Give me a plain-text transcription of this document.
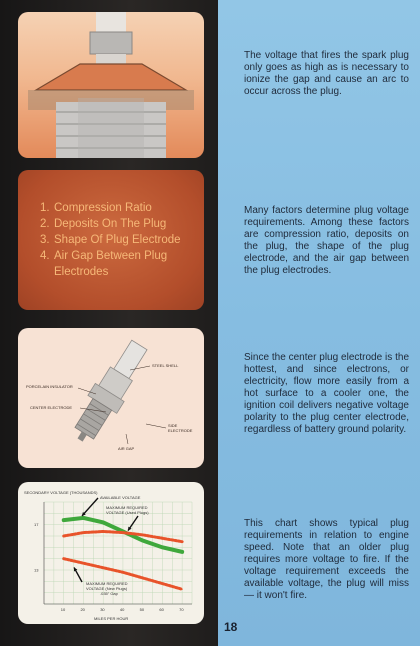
1. Compression Ratio
2. Deposits On The Plug
3. Shape Of Plug Electrode
4. Air Gap Between Plug
Electrodes
STEEL SHELL
PORCELAIN INSULATOR
CENTER ELECTRODE
SIDE
ELECTRODE
AIR GAP
10	20	30	40	50	60	70
17
13
SECONDARY VOLTAGE (THOUSANDS)
AVAILABLE VOLTAGE
MAXIMUM REQUIRED
VOLTAGE (Used Plugs)
MAXIMUM REQUIRED
VOLTAGE (New Plugs)
.035" Gap
MILES PER HOUR

The voltage that fires the spark plug only goes as high as is necessary to ionize the gap and cause an arc to occur across the plug.

Many factors determine plug voltage requirements. Among these factors are compression ratio, deposits on the plug, the shape of the plug electrode, and the air gap between the plug electrodes.

Since the center plug electrode is the hottest, and since electrons, or electricity, flow more easily from a hot surface to a cooler one, the ignition coil delivers negative voltage polarity to the plug center electrode, regardless of battery ground polarity.

This chart shows typical plug requirements in relation to engine speed. Note that an older plug requires more voltage to fire. If the voltage requirement exceeds the available voltage, the plug will miss — it won't fire.

18
